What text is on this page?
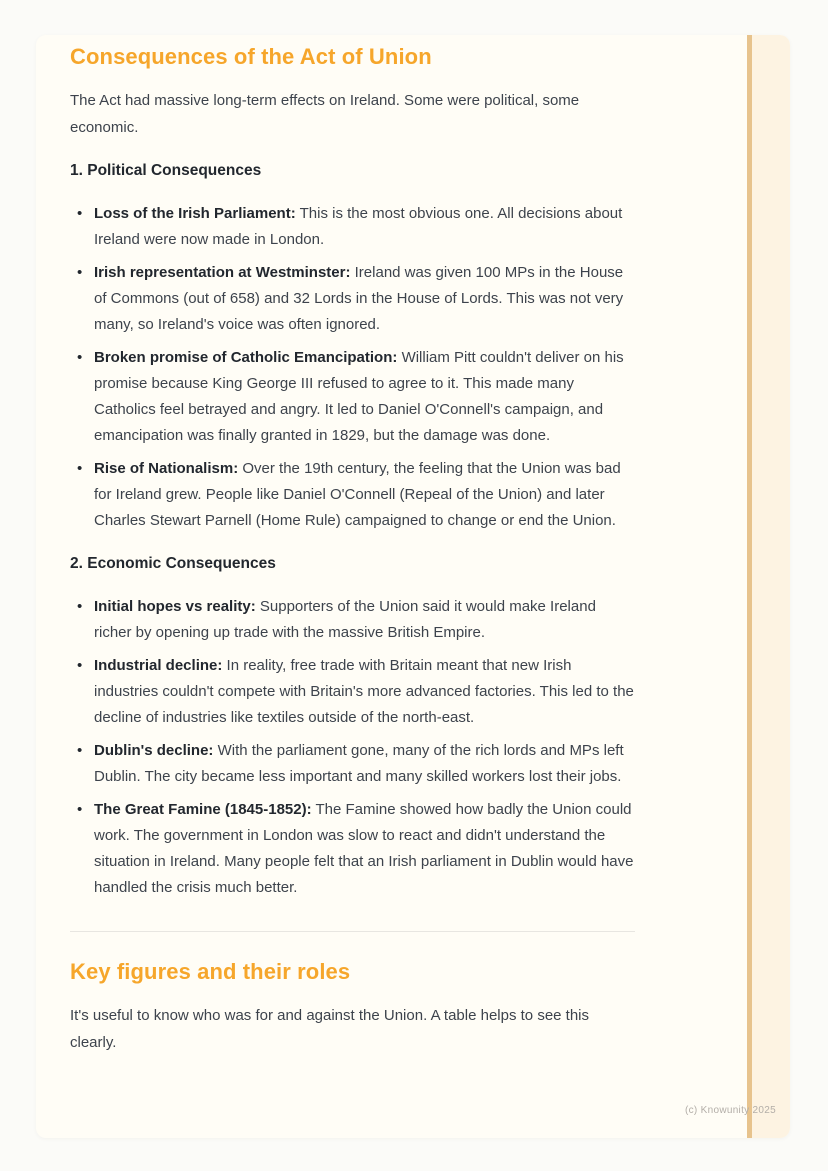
Consequences of the Act of Union

The Act had massive long-term effects on Ireland. Some were political, some economic.

1. Political Consequences
• Loss of the Irish Parliament: This is the most obvious one. All decisions about Ireland were now made in London.
• Irish representation at Westminster: Ireland was given 100 MPs in the House of Commons (out of 658) and 32 Lords in the House of Lords. This was not very many, so Ireland's voice was often ignored.
• Broken promise of Catholic Emancipation: William Pitt couldn't deliver on his promise because King George III refused to agree to it. This made many Catholics feel betrayed and angry. It led to Daniel O'Connell's campaign, and emancipation was finally granted in 1829, but the damage was done.
• Rise of Nationalism: Over the 19th century, the feeling that the Union was bad for Ireland grew. People like Daniel O'Connell (Repeal of the Union) and later Charles Stewart Parnell (Home Rule) campaigned to change or end the Union.
2. Economic Consequences
• Initial hopes vs reality: Supporters of the Union said it would make Ireland richer by opening up trade with the massive British Empire.
• Industrial decline: In reality, free trade with Britain meant that new Irish industries couldn't compete with Britain's more advanced factories. This led to the decline of industries like textiles outside of the north-east.
• Dublin's decline: With the parliament gone, many of the rich lords and MPs left Dublin. The city became less important and many skilled workers lost their jobs.
• The Great Famine (1845-1852): The Famine showed how badly the Union could work. The government in London was slow to react and didn't understand the situation in Ireland. Many people felt that an Irish parliament in Dublin would have handled the crisis much better.
Key figures and their roles

It's useful to know who was for and against the Union. A table helps to see this clearly.

(c) Knowunity 2025
